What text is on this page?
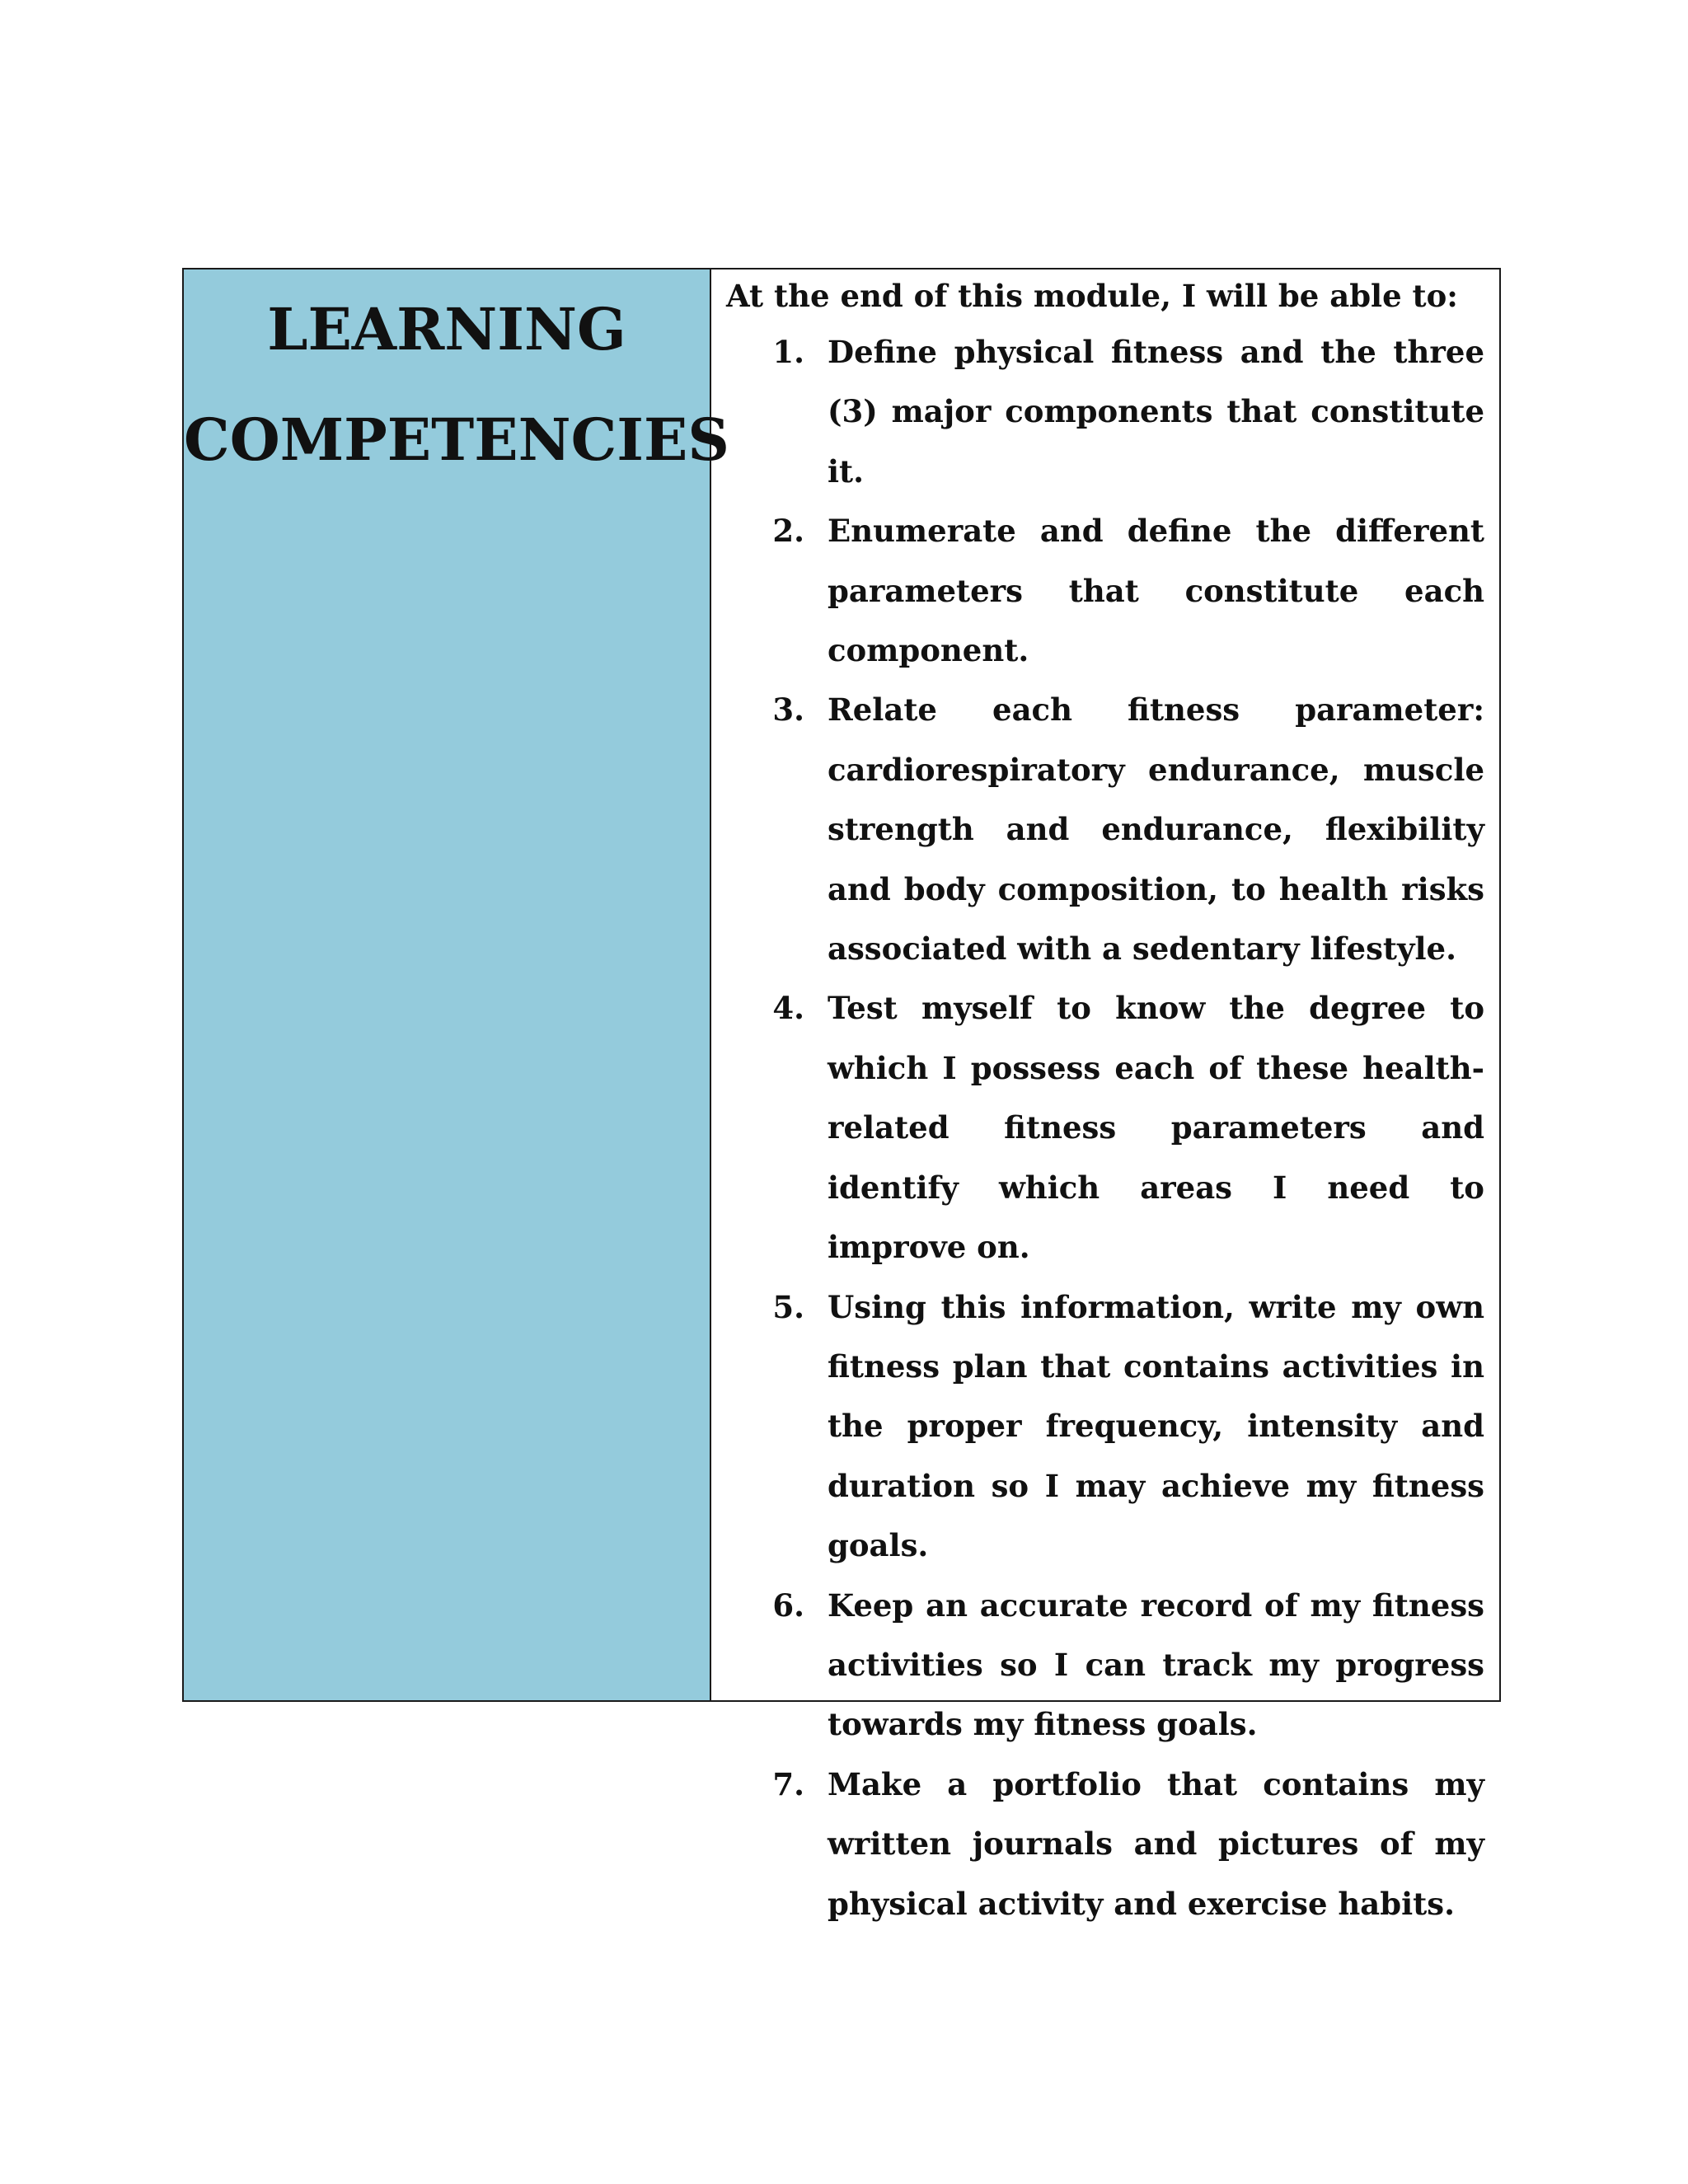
LEARNING
COMPETENCIES
At the end of this module, I will be able to:
1. Define physical fitness and the three (3) major components that constitute it.
2. Enumerate and define the different parameters that constitute each component.
3. Relate each fitness parameter: cardiorespiratory endurance, muscle strength and endurance, flexibility and body composition, to health risks associated with a sedentary lifestyle.
4. Test myself to know the degree to which I possess each of these health-related fitness parameters and identify which areas I need to improve on.
5. Using this information, write my own fitness plan that contains activities in the proper frequency, intensity and duration so I may achieve my fitness goals.
6. Keep an accurate record of my fitness activities so I can track my progress towards my fitness goals.
7. Make a portfolio that contains my written journals and pictures of my physical activity and exercise habits.
